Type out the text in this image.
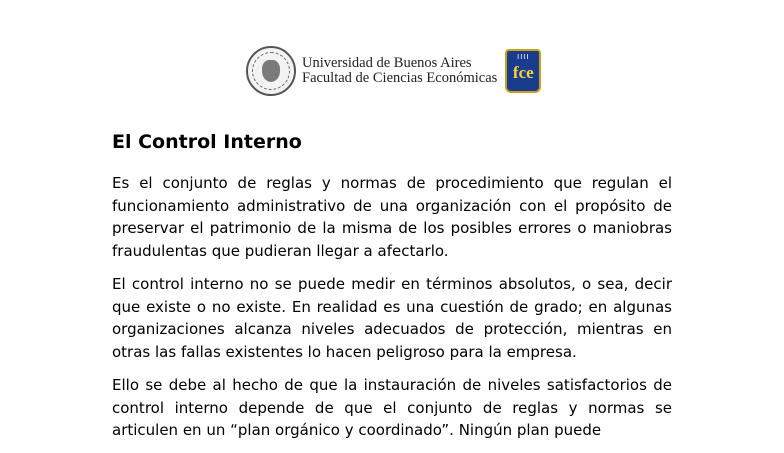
Universidad de Buenos Aires
Facultad de Ciencias Económicas
IIII
fce
El Control Interno

Es el conjunto de reglas y normas de procedimiento que regulan el funcionamiento administrativo de una organización con el propósito de preservar el patrimonio de la misma de los posibles errores o maniobras fraudulentas que pudieran llegar a afectarlo.

El control interno no se puede medir en términos absolutos, o sea, decir que existe o no existe. En realidad es una cuestión de grado; en algunas organizaciones alcanza niveles adecuados de protección, mientras en otras las fallas existentes lo hacen peligroso para la empresa.

Ello se debe al hecho de que la instauración de niveles satisfactorios de control interno depende de que el conjunto de reglas y normas se articulen en un “plan orgánico y coordinado”. Ningún plan puede
